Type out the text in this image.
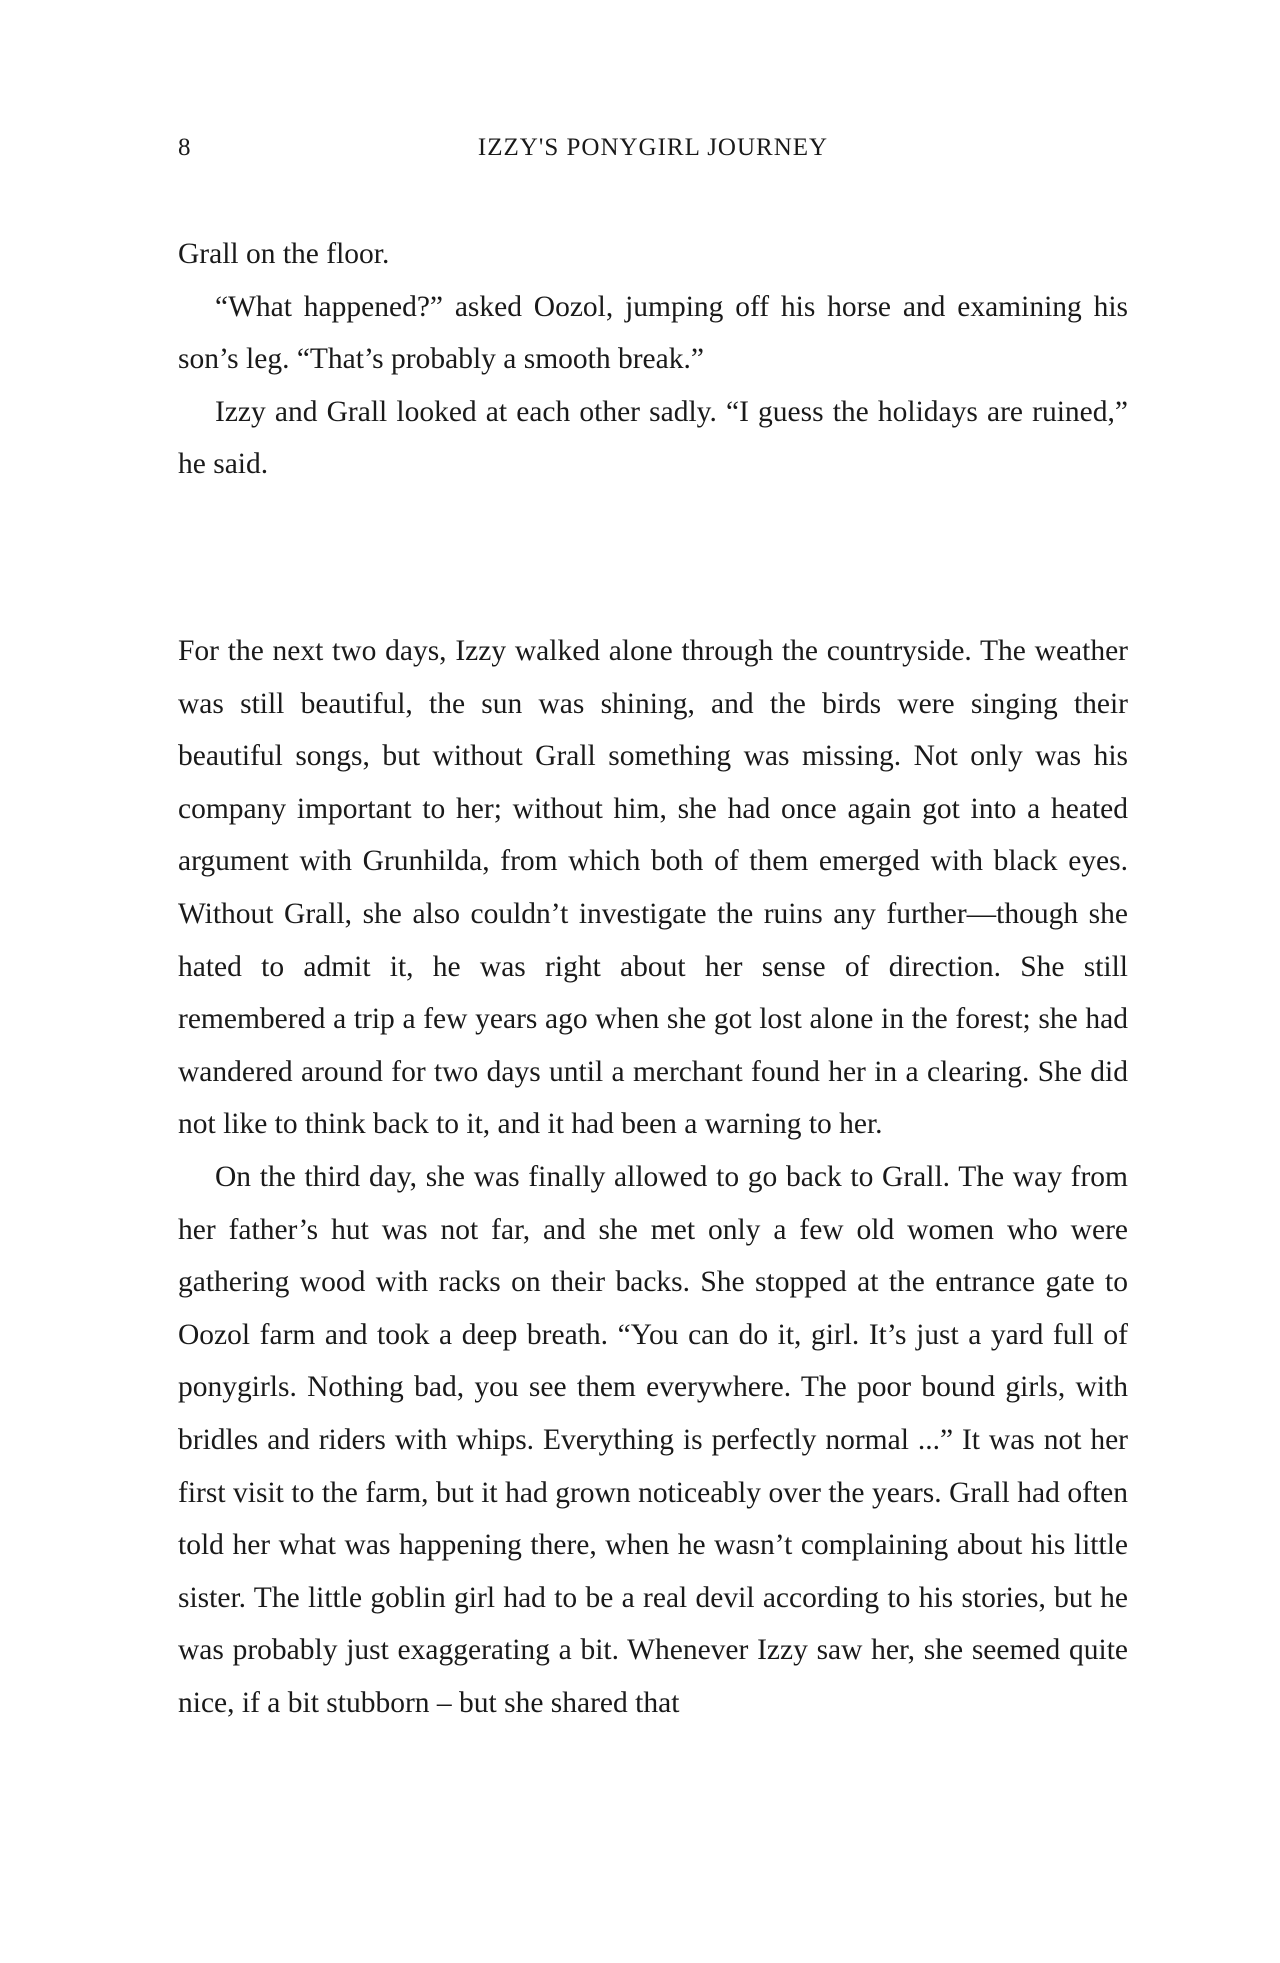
8	IZZY'S PONYGIRL JOURNEY

Grall on the floor.

“What happened?” asked Oozol, jumping off his horse and examining his son’s leg. “That’s probably a smooth break.”

Izzy and Grall looked at each other sadly. “I guess the holidays are ruined,” he said.

For the next two days, Izzy walked alone through the countryside. The weather was still beautiful, the sun was shining, and the birds were singing their beautiful songs, but without Grall something was missing. Not only was his company important to her; without him, she had once again got into a heated argument with Grunhilda, from which both of them emerged with black eyes. Without Grall, she also couldn’t investigate the ruins any further—though she hated to admit it, he was right about her sense of direction. She still remembered a trip a few years ago when she got lost alone in the forest; she had wandered around for two days until a merchant found her in a clearing. She did not like to think back to it, and it had been a warning to her.

On the third day, she was finally allowed to go back to Grall. The way from her father’s hut was not far, and she met only a few old women who were gathering wood with racks on their backs. She stopped at the entrance gate to Oozol farm and took a deep breath. “You can do it, girl. It’s just a yard full of ponygirls. Nothing bad, you see them everywhere. The poor bound girls, with bridles and riders with whips. Everything is perfectly normal ...” It was not her first visit to the farm, but it had grown noticeably over the years. Grall had often told her what was happening there, when he wasn’t complaining about his little sister. The little goblin girl had to be a real devil according to his stories, but he was probably just exaggerating a bit. Whenever Izzy saw her, she seemed quite nice, if a bit stubborn – but she shared that
